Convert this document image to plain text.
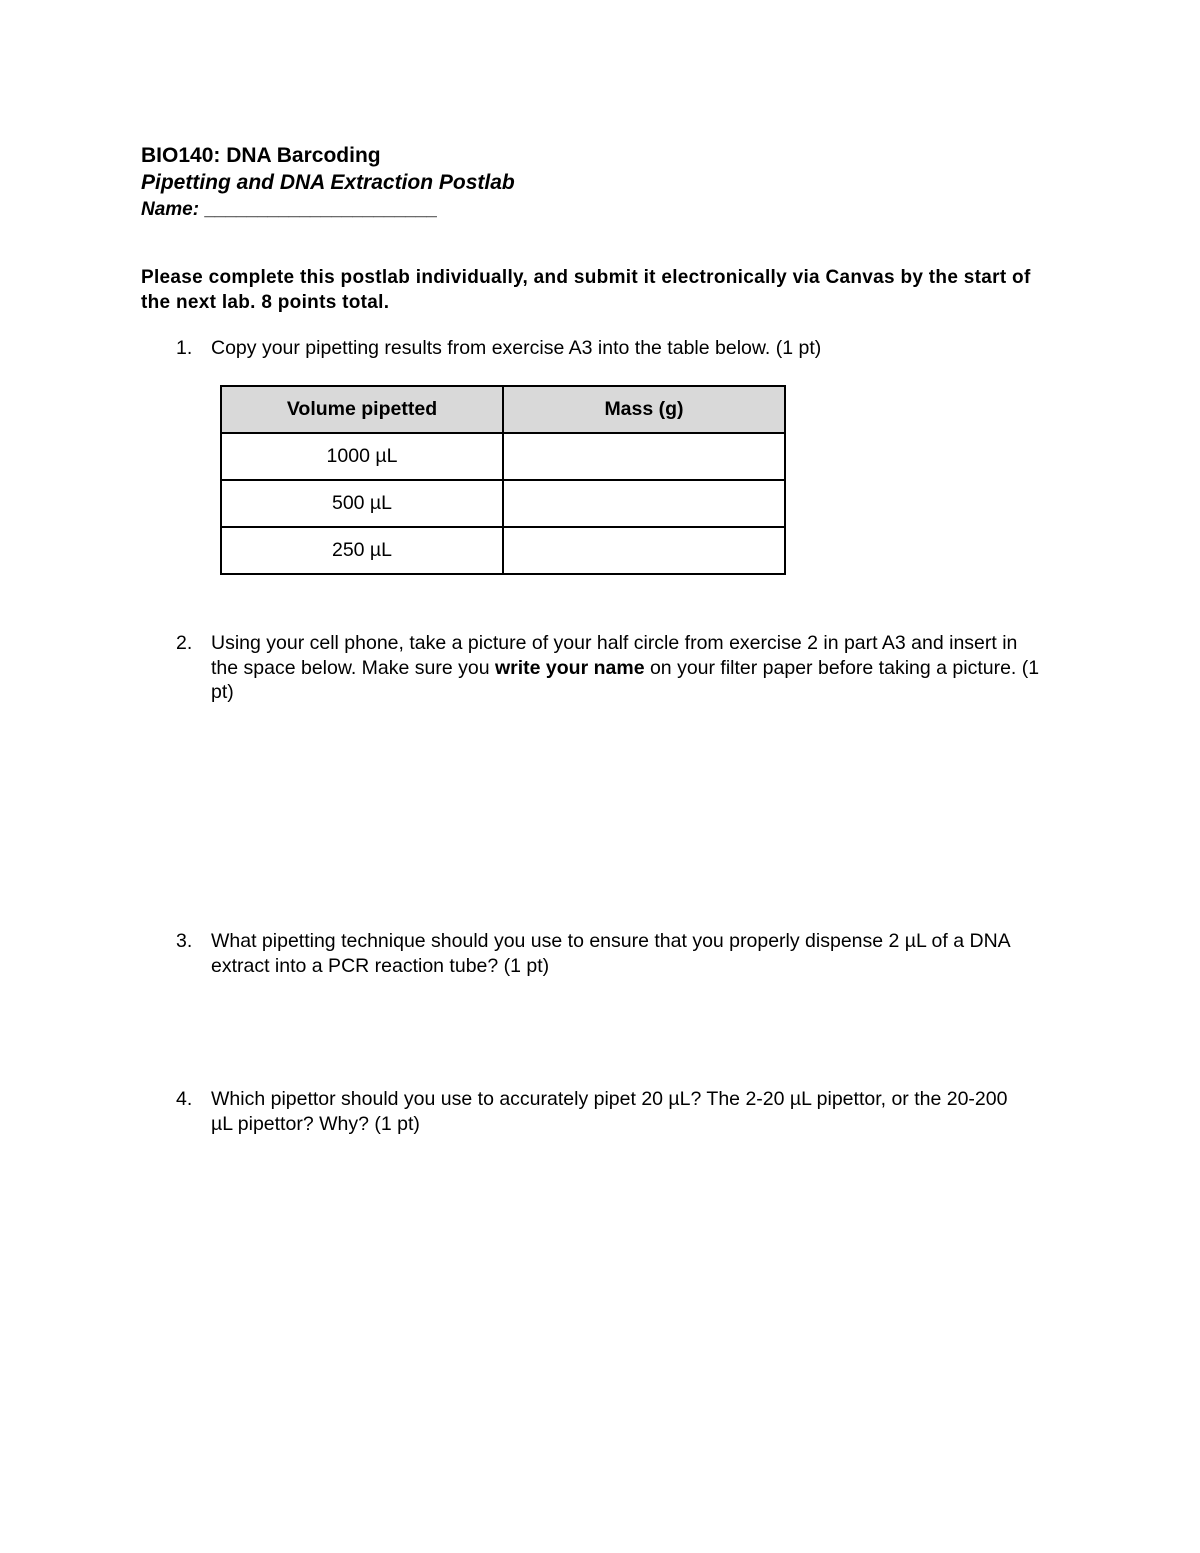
BIO140: DNA Barcoding
Pipetting and DNA Extraction Postlab
Name: ______________________
Please complete this postlab individually, and submit it electronically via Canvas by the start of the next lab. 8 points total.
1. Copy your pipetting results from exercise A3 into the table below. (1 pt)
Volume pipetted	Mass (g)
1000 µL	
500 µL	
250 µL	
2. Using your cell phone, take a picture of your half circle from exercise 2 in part A3 and insert in the space below. Make sure you write your name on your filter paper before taking a picture. (1 pt)
3. What pipetting technique should you use to ensure that you properly dispense 2 µL of a DNA extract into a PCR reaction tube? (1 pt)
4. Which pipettor should you use to accurately pipet 20 µL? The 2-20 µL pipettor, or the 20-200 µL pipettor? Why? (1 pt)
